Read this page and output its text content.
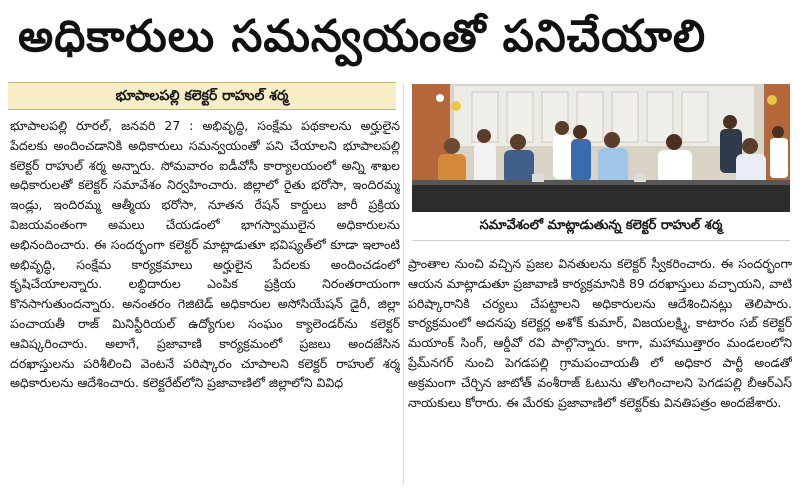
అధికారులు సమన్వయంతో పనిచేయాలి
భూపాలపల్లి కలెక్టర్ రాహుల్ శర్మ

భూపాలపల్లి రూరల్, జనవరి 27 : అభివృద్ధి, సంక్షేమ పథకాలను అర్హులైన పేదలకు అందించడానికి అధికారులు సమన్వయంతో పని చేయాలని భూపాలపల్లి కలెక్టర్ రాహుల్ శర్మ అన్నారు. సోమవారం ఐడీవోసీ కార్యాలయంలో అన్ని శాఖల అధికారులతో కలెక్టర్ సమావేశం నిర్వహించారు. జిల్లాలో రైతు భరోసా, ఇందిరమ్మ ఇండ్లు, ఇందిరమ్మ ఆత్మీయ భరోసా, నూతన రేషన్ కార్డులు జారీ ప్రక్రియ విజయవంతంగా అమలు చేయడంలో భాగస్వాములైన అధికారులను అభినందించారు. ఈ సందర్భంగా కలెక్టర్ మాట్లాడుతూ భవిష్యత్‌లో కూడా ఇలాంటి అభివృద్ధి, సంక్షేమ కార్యక్రమాలు అర్హులైన పేదలకు అందించడంలో కృషిచేయాలన్నారు. లబ్ధిదారుల ఎంపిక ప్రక్రియ నిరంతరాయంగా కొనసాగుతుందన్నారు. అనంతరం గెజిటెడ్ అధికారుల అసోసియేషన్ డైరీ, జిల్లా పంచాయతీ రాజ్ మినిస్టీరియల్ ఉద్యోగుల సంఘం క్యాలెండర్‌ను కలెక్టర్ ఆవిష్కరించారు. అలాగే, ప్రజావాణి కార్యక్రమంలో ప్రజలు అందజేసిన దరఖాస్తులను పరిశీలించి వెంటనే పరిష్కారం చూపాలని కలెక్టర్ రాహుల్ శర్మ అధికారులను ఆదేశించారు. కలెక్టరేట్‌లోని ప్రజావాణిలో జిల్లాలోని వివిధ

సమావేశంలో మాట్లాడుతున్న కలెక్టర్ రాహుల్ శర్మ

ప్రాంతాల నుంచి వచ్చిన ప్రజల వినతులను కలెక్టర్ స్వీకరించారు. ఈ సందర్భంగా ఆయన మాట్లాడుతూ ప్రజావాణి కార్యక్రమానికి 89 దరఖాస్తులు వచ్చాయని, వాటి పరిష్కారానికి చర్యలు చేపట్టాలని అధికారులను ఆదేశించినట్లు తెలిపారు. కార్యక్రమంలో అదనపు కలెక్టర్ల అశోక్ కుమార్, విజయలక్ష్మి, కాటారం సబ్ కలెక్టర్ మయాంక్ సింగ్, ఆర్డీవో రవి పాల్గొన్నారు. కాగా, మహాముత్తారం మండలంలోని ప్రేమ్‌నగర్ నుంచి పెగడపల్లి గ్రామపంచాయతీ లో అధికార పార్టీ అండతో అక్రమంగా చేర్చిన జాటోత్ వంశీరాజ్ ఓటును తొలగించాలని పెగడపల్లి బీఆర్ఎస్ నాయకులు కోరారు. ఈ మేరకు ప్రజావాణిలో కలెక్టర్‌కు వినతిపత్రం అందజేశారు.
